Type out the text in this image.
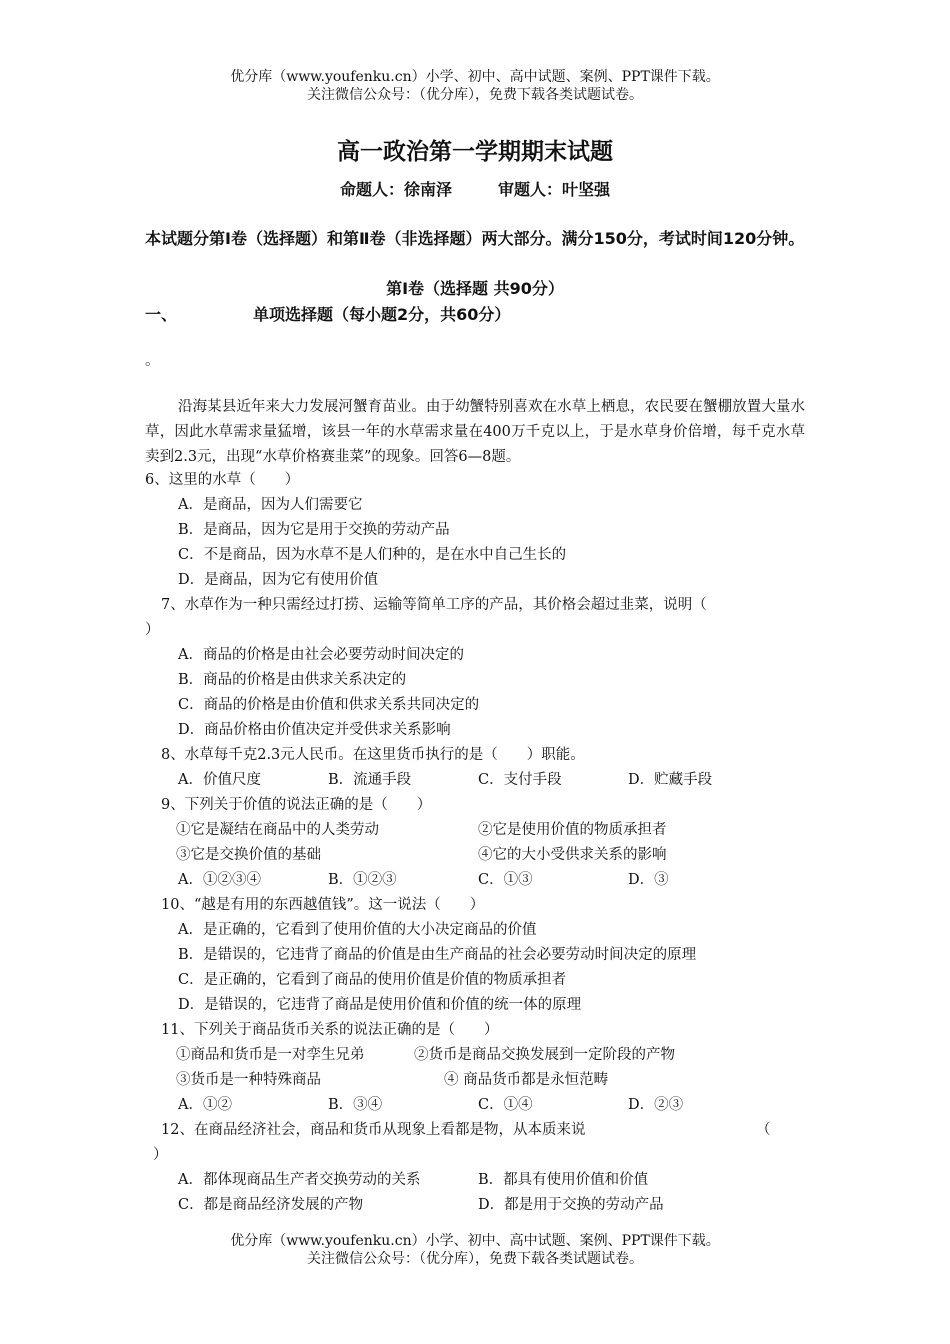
优分库（www.youfenku.cn）小学、初中、高中试题、案例、PPT课件下载。
关注微信公众号：（优分库），免费下载各类试题试卷。
高一政治第一学期期末试题
命题人：徐南泽	审题人：叶坚强
本试题分第Ⅰ卷（选择题）和第Ⅱ卷（非选择题）两大部分。满分150分，考试时间120分钟。
第Ⅰ卷（选择题 共90分）
一、	单项选择题（每小题2分，共60分）
。
沿海某县近年来大力发展河蟹育苗业。由于幼蟹特别喜欢在水草上栖息，农民要在蟹棚放置大量水草，因此水草需求量猛增，该县一年的水草需求量在400万千克以上，于是水草身价倍增，每千克水草卖到2.3元，出现“水草价格赛韭菜”的现象。回答6—8题。
6、这里的水草（　　）
A．是商品，因为人们需要它
B．是商品，因为它是用于交换的劳动产品
C．不是商品，因为水草不是人们种的，是在水中自己生长的
D．是商品，因为它有使用价值
7、水草作为一种只需经过打捞、运输等简单工序的产品，其价格会超过韭菜，说明（
）
A．商品的价格是由社会必要劳动时间决定的
B．商品的价格是由供求关系决定的
C．商品的价格是由价值和供求关系共同决定的
D．商品价格由价值决定并受供求关系影响
8、水草每千克2.3元人民币。在这里货币执行的是（　　）职能。
A．价值尺度	B．流通手段	C．支付手段	D．贮藏手段
9、下列关于价值的说法正确的是（　　）
①它是凝结在商品中的人类劳动	②它是使用价值的物质承担者
③它是交换价值的基础	④它的大小受供求关系的影响
A．①②③④	B．①②③	C．①③	D．③
10、“越是有用的东西越值钱”。这一说法（　　）
A．是正确的，它看到了使用价值的大小决定商品的价值
B．是错误的，它违背了商品的价值是由生产商品的社会必要劳动时间决定的原理
C．是正确的，它看到了商品的使用价值是价值的物质承担者
D．是错误的，它违背了商品是使用价值和价值的统一体的原理
11、下列关于商品货币关系的说法正确的是（　　）
①商品和货币是一对孪生兄弟	②货币是商品交换发展到一定阶段的产物
③货币是一种特殊商品	④ 商品货币都是永恒范畴
A．①②	B．③④	C．①④	D．②③
12、在商品经济社会，商品和货币从现象上看都是物，从本质来说	（
）
A．都体现商品生产者交换劳动的关系	B．都具有使用价值和价值
C．都是商品经济发展的产物	D．都是用于交换的劳动产品
优分库（www.youfenku.cn）小学、初中、高中试题、案例、PPT课件下载。
关注微信公众号：（优分库），免费下载各类试题试卷。
